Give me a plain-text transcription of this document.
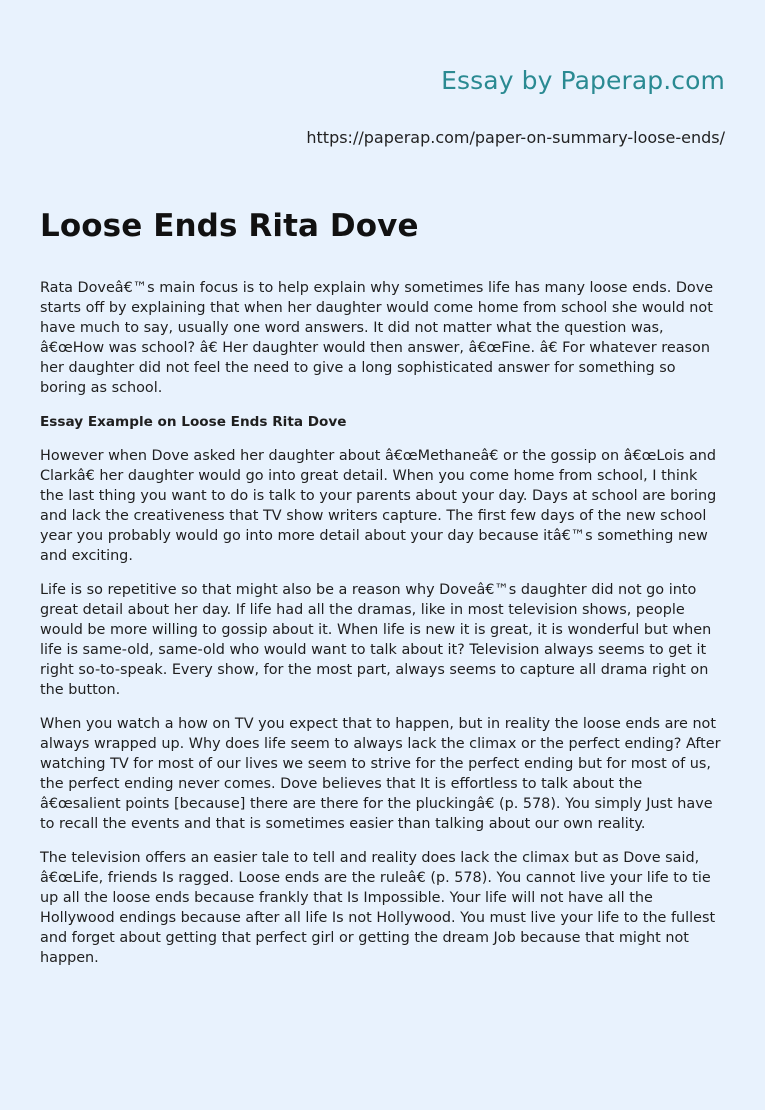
Essay by Paperap.com
https://paperap.com/paper-on-summary-loose-ends/
Loose Ends Rita Dove

Rata Doveâ€™s main focus is to help explain why sometimes life has many loose ends. Dove starts off by explaining that when her daughter would come home from school she would not have much to say, usually one word answers. It did not matter what the question was, â€œHow was school? â€ Her daughter would then answer, â€œFine. â€ For whatever reason her daughter did not feel the need to give a long sophisticated answer for something so boring as school.

Essay Example on Loose Ends Rita Dove

However when Dove asked her daughter about â€œMethaneâ€ or the gossip on â€œLois and Clarkâ€ her daughter would go into great detail. When you come home from school, I think the last thing you want to do is talk to your parents about your day. Days at school are boring and lack the creativeness that TV show writers capture. The first few days of the new school year you probably would go into more detail about your day because itâ€™s something new and exciting.

Life is so repetitive so that might also be a reason why Doveâ€™s daughter did not go into great detail about her day. If life had all the dramas, like in most television shows, people would be more willing to gossip about it. When life is new it is great, it is wonderful but when life is same-old, same-old who would want to talk about it? Television always seems to get it right so-to-speak. Every show, for the most part, always seems to capture all drama right on the button.

When you watch a how on TV you expect that to happen, but in reality the loose ends are not always wrapped up. Why does life seem to always lack the climax or the perfect ending? After watching TV for most of our lives we seem to strive for the perfect ending but for most of us, the perfect ending never comes. Dove believes that It is effortless to talk about the â€œsalient points [because] there are there for the pluckingâ€ (p. 578). You simply Just have to recall the events and that is sometimes easier than talking about our own reality.

The television offers an easier tale to tell and reality does lack the climax but as Dove said, â€œLife, friends Is ragged. Loose ends are the ruleâ€ (p. 578). You cannot live your life to tie up all the loose ends because frankly that Is Impossible. Your life will not have all the Hollywood endings because after all life Is not Hollywood. You must live your life to the fullest and forget about getting that perfect girl or getting the dream Job because that might not happen.
